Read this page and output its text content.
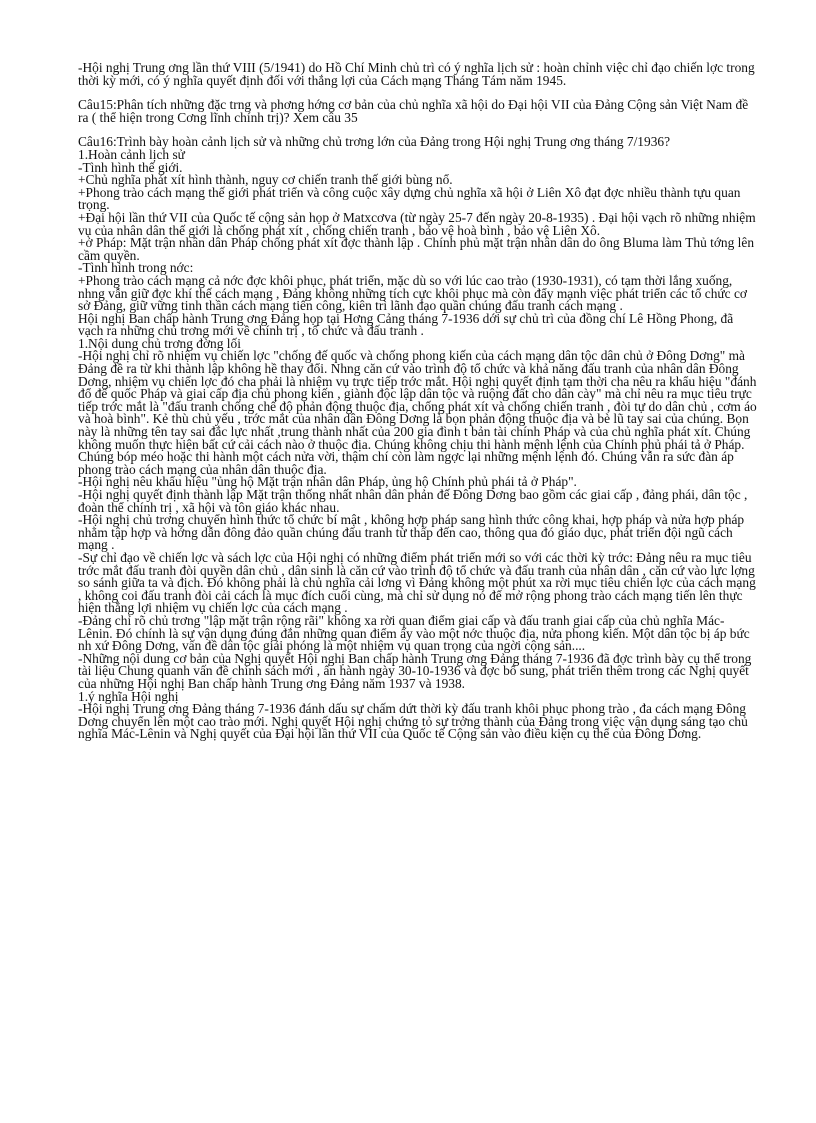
-Hội nghị Trung ơng lần thứ VIII (5/1941) do Hồ Chí Minh chủ trì có ý nghĩa lịch sử : hoàn chỉnh việc chỉ đạo chiến lợc trong thời kỳ mới, có ý nghĩa quyết định đối với thắng lợi của Cách mạng Tháng Tám năm 1945.

Câu15:Phân tích những đặc trng và phơng hớng cơ bản của chủ nghĩa xã hội do Đại hội VII của Đảng Cộng sản Việt Nam đề ra ( thể hiện trong Cơng lĩnh chính trị)? Xem câu 35

Câu16:Trình bày hoàn cảnh lịch sử và những chủ trơng lớn của Đảng trong Hội nghị Trung ơng tháng 7/1936?

1.Hoàn cảnh lịch sử

-Tình hình thế giới.

+Chủ nghĩa phát xít hình thành, nguy cơ chiến tranh thế giới bùng nổ.

+Phong trào cách mạng thế giới phát triển và công cuộc xây dựng chủ nghĩa xã hội ở Liên Xô đạt đợc nhiều thành tựu quan trọng.

+Đại hội lần thứ VII của Quốc tế cộng sản họp ở Matxcơva (từ ngày 25-7 đến ngày 20-8-1935) . Đại hội vạch rõ những nhiệm vụ của nhân dân thế giới là chống phát xít , chống chiến tranh , bảo vệ hoà bình , bảo vệ Liên Xô.

+ở Pháp: Mặt trận nhân dân Pháp chống phát xít đợc thành lập . Chính phủ mặt trận nhân dân do ông Bluma làm Thủ tớng lên cầm quyền.

-Tình hình trong nớc:

+Phong trào cách mạng cả nớc đợc khôi phục, phát triển, mặc dù so với lúc cao trào (1930-1931), có tạm thời lắng xuống, nhng vẫn giữ đợc khí thế cách mạng , Đảng không những tích cực khôi phục mà còn đẩy mạnh việc phát triển các tổ chức cơ sở Đảng, giữ vững tinh thần cách mạng tiến công, kiên trì lãnh đạo quần chúng đấu tranh cách mạng .

Hội nghị Ban chấp hành Trung ơng Đảng họp tại Hơng Cảng tháng 7-1936 dới sự chủ trì của đồng chí Lê Hồng Phong, đã vạch ra những chủ trơng mới về chính trị , tổ chức và đấu tranh .

1.Nội dung chủ trơng đờng lối

-Hội nghị chỉ rõ nhiệm vụ chiến lợc "chống đế quốc và chống phong kiến của cách mạng dân tộc dân chủ ở Đông Dơng" mà Đảng đề ra từ khi thành lập không hề thay đổi. Nhng căn cứ vào trình độ tổ chức và khả năng đấu tranh của nhân dân Đông Dơng, nhiệm vụ chiến lợc đó cha phải là nhiệm vụ trực tiếp trớc mắt. Hội nghị quyết định tạm thời cha nêu ra khẩu hiệu "đánh đổ đế quốc Pháp và giai cấp địa chủ phong kiến , giành độc lập dân tộc và ruộng đất cho dân cày" mà chỉ nêu ra mục tiêu trực tiếp trớc mắt là "đấu tranh chống chế độ phản động thuộc địa, chống phát xít và chống chiến tranh , đòi tự do dân chủ , cơm áo và hoà bình". Kẻ thù chủ yếu , trớc mắt của nhân dân Đông Dơng là bọn phản động thuộc địa và bè lũ tay sai của chúng. Bọn này là những tên tay sai đắc lực nhất ,trung thành nhất của 200 gia đình t bản tài chính Pháp và của chủ nghĩa phát xít. Chúng không muốn thực hiện bất cứ cải cách nào ở thuộc địa. Chúng không chịu thi hành mệnh lệnh của Chính phủ phái tả ở Pháp. Chúng bóp méo hoặc thi hành một cách nửa vời, thậm chí còn làm ngợc lại những mệnh lệnh đó. Chúng vẫn ra sức đàn áp phong trào cách mạng của nhân dân thuộc địa.

-Hội nghị nêu khẩu hiệu "ủng hộ Mặt trận nhân dân Pháp, ủng hộ Chính phủ phái tả ở Pháp".

-Hội nghị quyết định thành lập Mặt trận thống nhất nhân dân phản đế Đông Dơng bao gồm các giai cấp , đảng phái, dân tộc , đoàn thể chính trị , xã hội và tôn giáo khác nhau.

-Hội nghị chủ trơng chuyển hình thức tổ chức bí mật , không hợp pháp sang hình thức công khai, hợp pháp và nửa hợp pháp nhằm tập hợp và hớng dẫn đông đảo quần chúng đấu tranh từ thấp đến cao, thông qua đó giáo dục, phát triển đội ngũ cách mạng .

-Sự chỉ đạo về chiến lợc và sách lợc của Hội nghị có những điểm phát triển mới so với các thời kỳ trớc: Đảng nêu ra mục tiêu trớc mắt đấu tranh đòi quyền dân chủ , dân sinh là căn cứ vào trình độ tổ chức và đấu tranh của nhân dân , căn cứ vào lực lợng so sánh giữa ta và địch. Đó không phải là chủ nghĩa cải lơng vì Đảng không một phút xa rời mục tiêu chiến lợc của cách mạng , không coi đấu tranh đòi cải cách là mục đích cuối cùng, mà chỉ sử dụng nó để mở rộng phong trào cách mạng tiến lên thực hiện thắng lợi nhiệm vụ chiến lợc của cách mạng .

-Đảng chỉ rõ chủ trơng "lập mặt trận rộng rãi" không xa rời quan điểm giai cấp và đấu tranh giai cấp của chủ nghĩa Mác-Lênin. Đó chính là sự vận dụng đúng đắn những quan điểm ấy vào một nớc thuộc địa, nửa phong kiến. Một dân tộc bị áp bức nh xứ Đông Dơng, vấn đề dân tộc giải phóng là một nhiệm vụ quan trọng của ngời cộng sản....

-Những nội dung cơ bản của Nghị quyết Hội nghị Ban chấp hành Trung ơng Đảng tháng 7-1936 đã đợc trình bày cụ thể trong tài liệu Chung quanh vấn đề chính sách mới , ấn hành ngày 30-10-1936 và đợc bổ sung, phát triển thêm trong các Nghị quyết của những Hội nghị Ban chấp hành Trung ơng Đảng năm 1937 và 1938.

1.ý nghĩa Hội nghị

-Hội nghị Trung ơng Đảng tháng 7-1936 đánh dấu sự chấm dứt thời kỳ đấu tranh khôi phục phong trào , đa cách mạng Đông Dơng chuyển lên một cao trào mới. Nghị quyết Hội nghị chứng tỏ sự trởng thành của Đảng trong việc vận dụng sáng tạo chủ nghĩa Mác-Lênin và Nghị quyết của Đại hội lần thứ VII của Quốc tế Cộng sản vào điều kiện cụ thể của Đông Dơng.
